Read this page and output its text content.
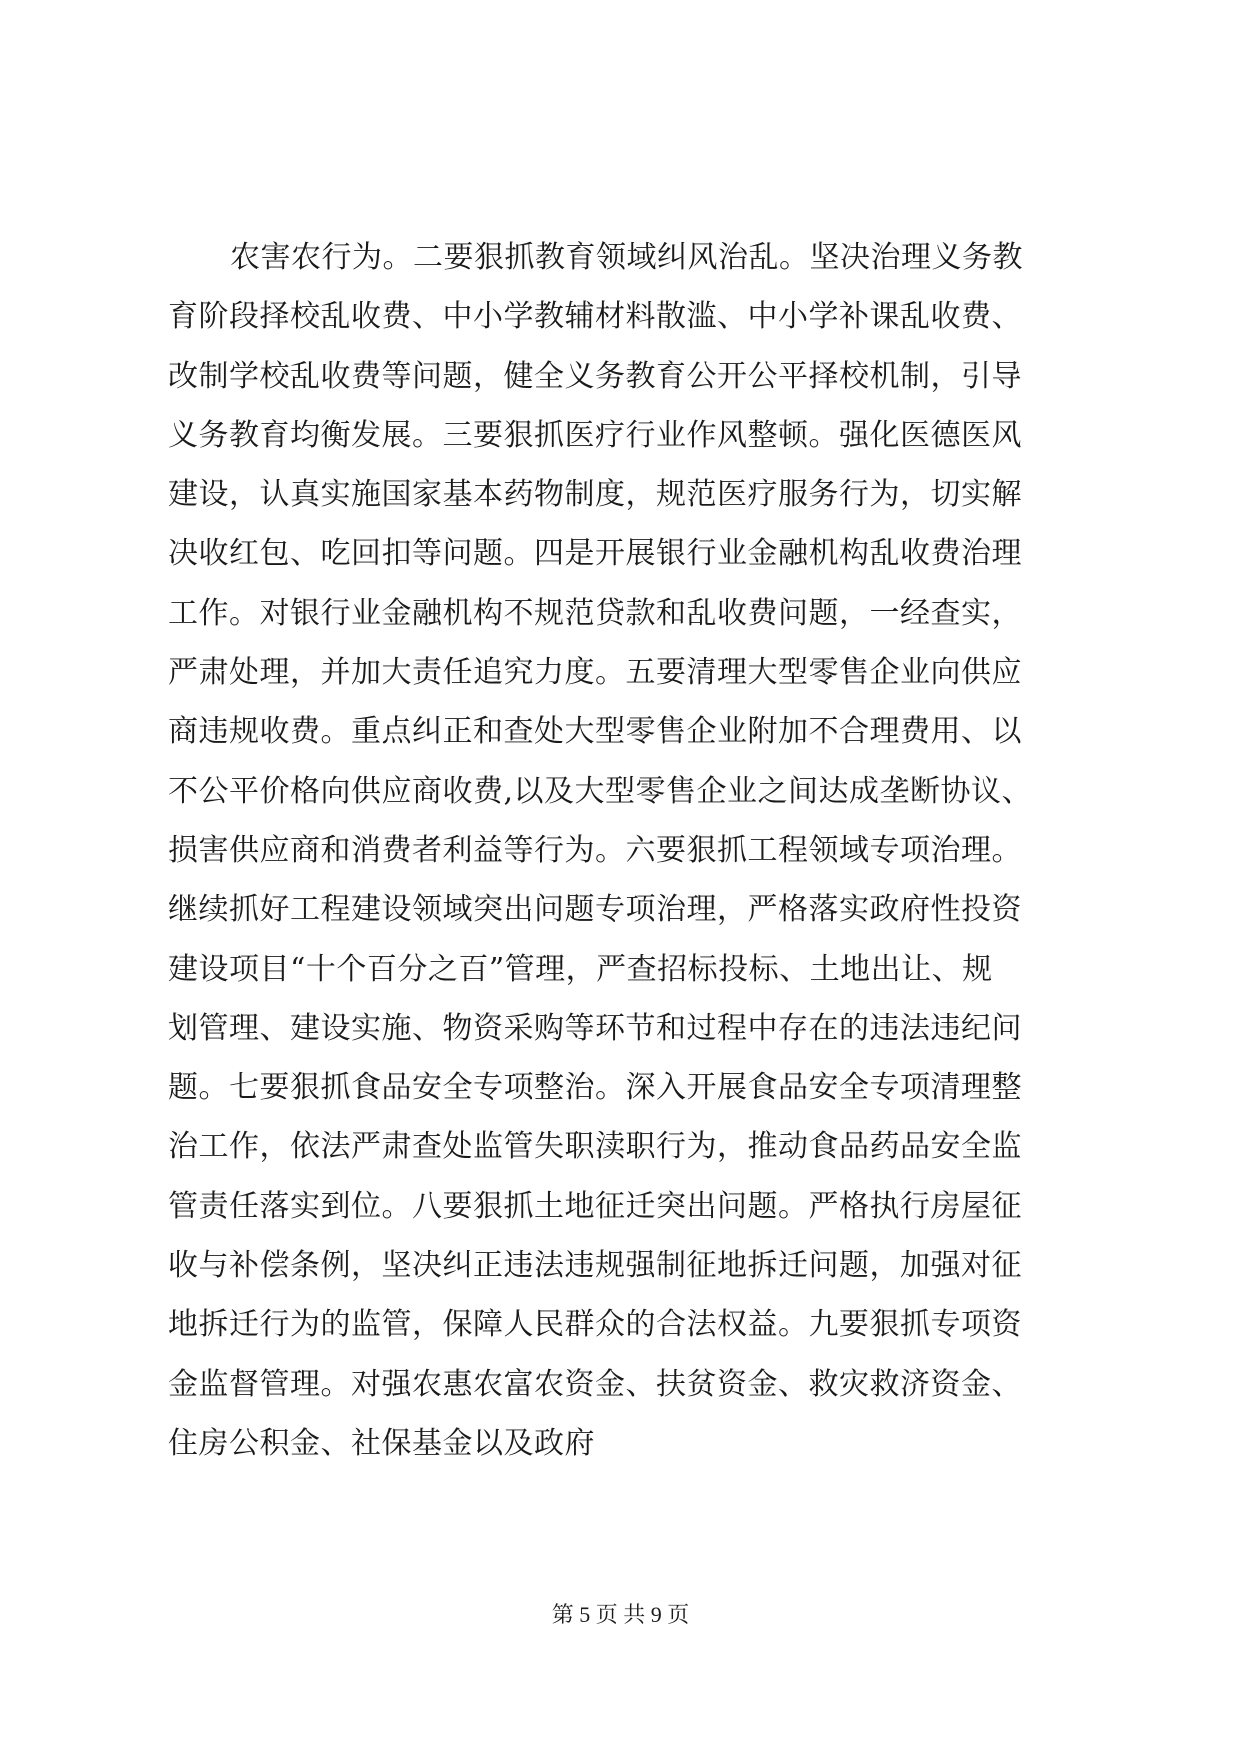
农害农行为。二要狠抓教育领域纠风治乱。坚决治理义务教
育阶段择校乱收费、中小学教辅材料散滥、中小学补课乱收费、
改制学校乱收费等问题，健全义务教育公开公平择校机制，引导
义务教育均衡发展。三要狠抓医疗行业作风整顿。强化医德医风
建设，认真实施国家基本药物制度，规范医疗服务行为，切实解
决收红包、吃回扣等问题。四是开展银行业金融机构乱收费治理
工作。对银行业金融机构不规范贷款和乱收费问题，一经查实，
严肃处理，并加大责任追究力度。五要清理大型零售企业向供应
商违规收费。重点纠正和查处大型零售企业附加不合理费用、以
不公平价格向供应商收费,以及大型零售企业之间达成垄断协议、
损害供应商和消费者利益等行为。六要狠抓工程领域专项治理。
继续抓好工程建设领域突出问题专项治理，严格落实政府性投资
建设项目“十个百分之百”管理，严查招标投标、土地出让、规
划管理、建设实施、物资采购等环节和过程中存在的违法违纪问
题。七要狠抓食品安全专项整治。深入开展食品安全专项清理整
治工作，依法严肃查处监管失职渎职行为，推动食品药品安全监
管责任落实到位。八要狠抓土地征迁突出问题。严格执行房屋征
收与补偿条例，坚决纠正违法违规强制征地拆迁问题，加强对征
地拆迁行为的监管，保障人民群众的合法权益。九要狠抓专项资
金监督管理。对强农惠农富农资金、扶贫资金、救灾救济资金、
住房公积金、社保基金以及政府
第 5 页 共 9 页
